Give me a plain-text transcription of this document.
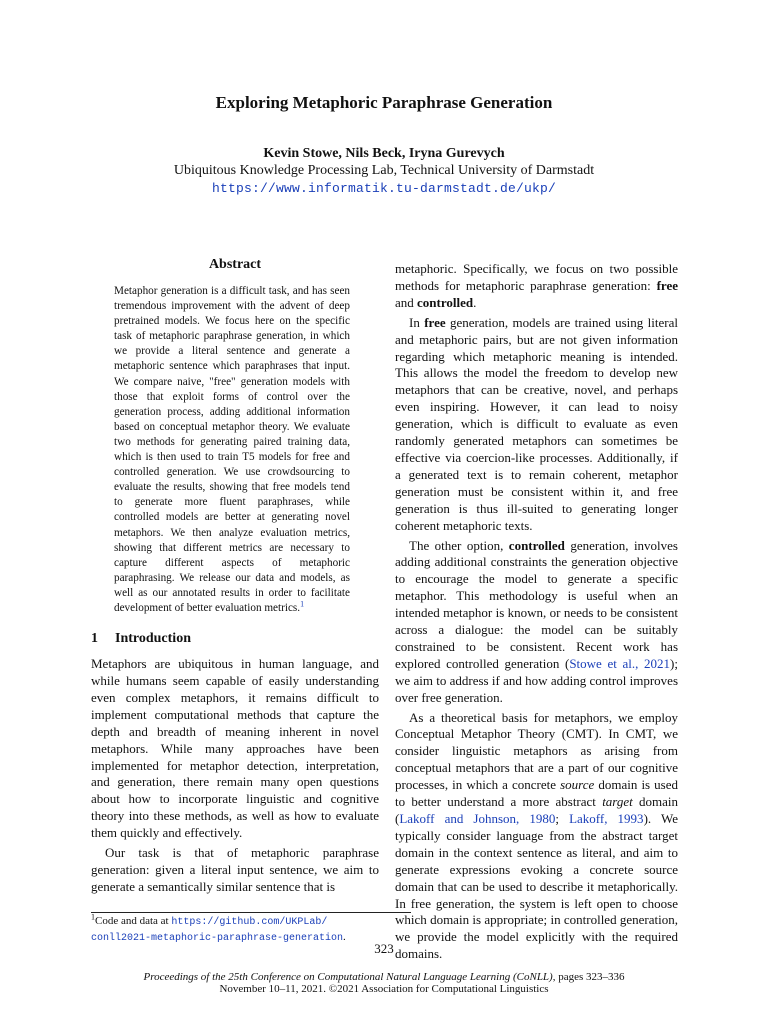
Exploring Metaphoric Paraphrase Generation
Kevin Stowe, Nils Beck, Iryna Gurevych
Ubiquitous Knowledge Processing Lab, Technical University of Darmstadt
https://www.informatik.tu-darmstadt.de/ukp/
Abstract

Metaphor generation is a difficult task, and has seen tremendous improvement with the advent of deep pretrained models. We focus here on the specific task of metaphoric paraphrase generation, in which we provide a literal sentence and generate a metaphoric sentence which paraphrases that input. We compare naive, "free" generation models with those that exploit forms of control over the generation process, adding additional information based on conceptual metaphor theory. We evaluate two methods for generating paired training data, which is then used to train T5 models for free and controlled generation. We use crowdsourcing to evaluate the results, showing that free models tend to generate more fluent paraphrases, while controlled models are better at generating novel metaphors. We then analyze evaluation metrics, showing that different metrics are necessary to capture different aspects of metaphoric paraphrasing. We release our data and models, as well as our annotated results in order to facilitate development of better evaluation metrics.$^1$

1 Introduction

Metaphors are ubiquitous in human language, and while humans seem capable of easily understanding even complex metaphors, it remains difficult to implement computational methods that capture the depth and breadth of meaning inherent in novel metaphors. While many approaches have been implemented for metaphor detection, interpretation, and generation, there remain many open questions about how to incorporate linguistic and cognitive theory into these methods, as well as how to evaluate them quickly and effectively.

Our task is that of metaphoric paraphrase generation: given a literal input sentence, we aim to generate a semantically similar sentence that is

metaphoric. Specifically, we focus on two possible methods for metaphoric paraphrase generation: free and controlled.

In free generation, models are trained using literal and metaphoric pairs, but are not given information regarding which metaphoric meaning is intended. This allows the model the freedom to develop new metaphors that can be creative, novel, and perhaps even inspiring. However, it can lead to noisy generation, which is difficult to evaluate as even randomly generated metaphors can sometimes be effective via coercion-like processes. Additionally, if a generated text is to remain coherent, metaphor generation must be consistent within it, and free generation is thus ill-suited to generating longer coherent metaphoric texts.

The other option, controlled generation, involves adding additional constraints the generation objective to encourage the model to generate a specific metaphor. This methodology is useful when an intended metaphor is known, or needs to be consistent across a dialogue: the model can be suitably constrained to be consistent. Recent work has explored controlled generation (Stowe et al., 2021); we aim to address if and how adding control improves over free generation.

As a theoretical basis for metaphors, we employ Conceptual Metaphor Theory (CMT). In CMT, we consider linguistic metaphors as arising from conceptual metaphors that are a part of our cognitive processes, in which a concrete source domain is used to better understand a more abstract target domain (Lakoff and Johnson, 1980; Lakoff, 1993). We typically consider language from the abstract target domain in the context sentence as literal, and aim to generate expressions evoking a concrete source domain that can be used to describe it metaphorically. In free generation, the system is left open to choose which domain is appropriate; in controlled generation, we provide the model explicitly with the required domains.

$^1$Code and data at https://github.com/UKPLab/
conll2021-metaphoric-paraphrase-generation.
323
Proceedings of the 25th Conference on Computational Natural Language Learning (CoNLL), pages 323–336
November 10–11, 2021. ©2021 Association for Computational Linguistics
